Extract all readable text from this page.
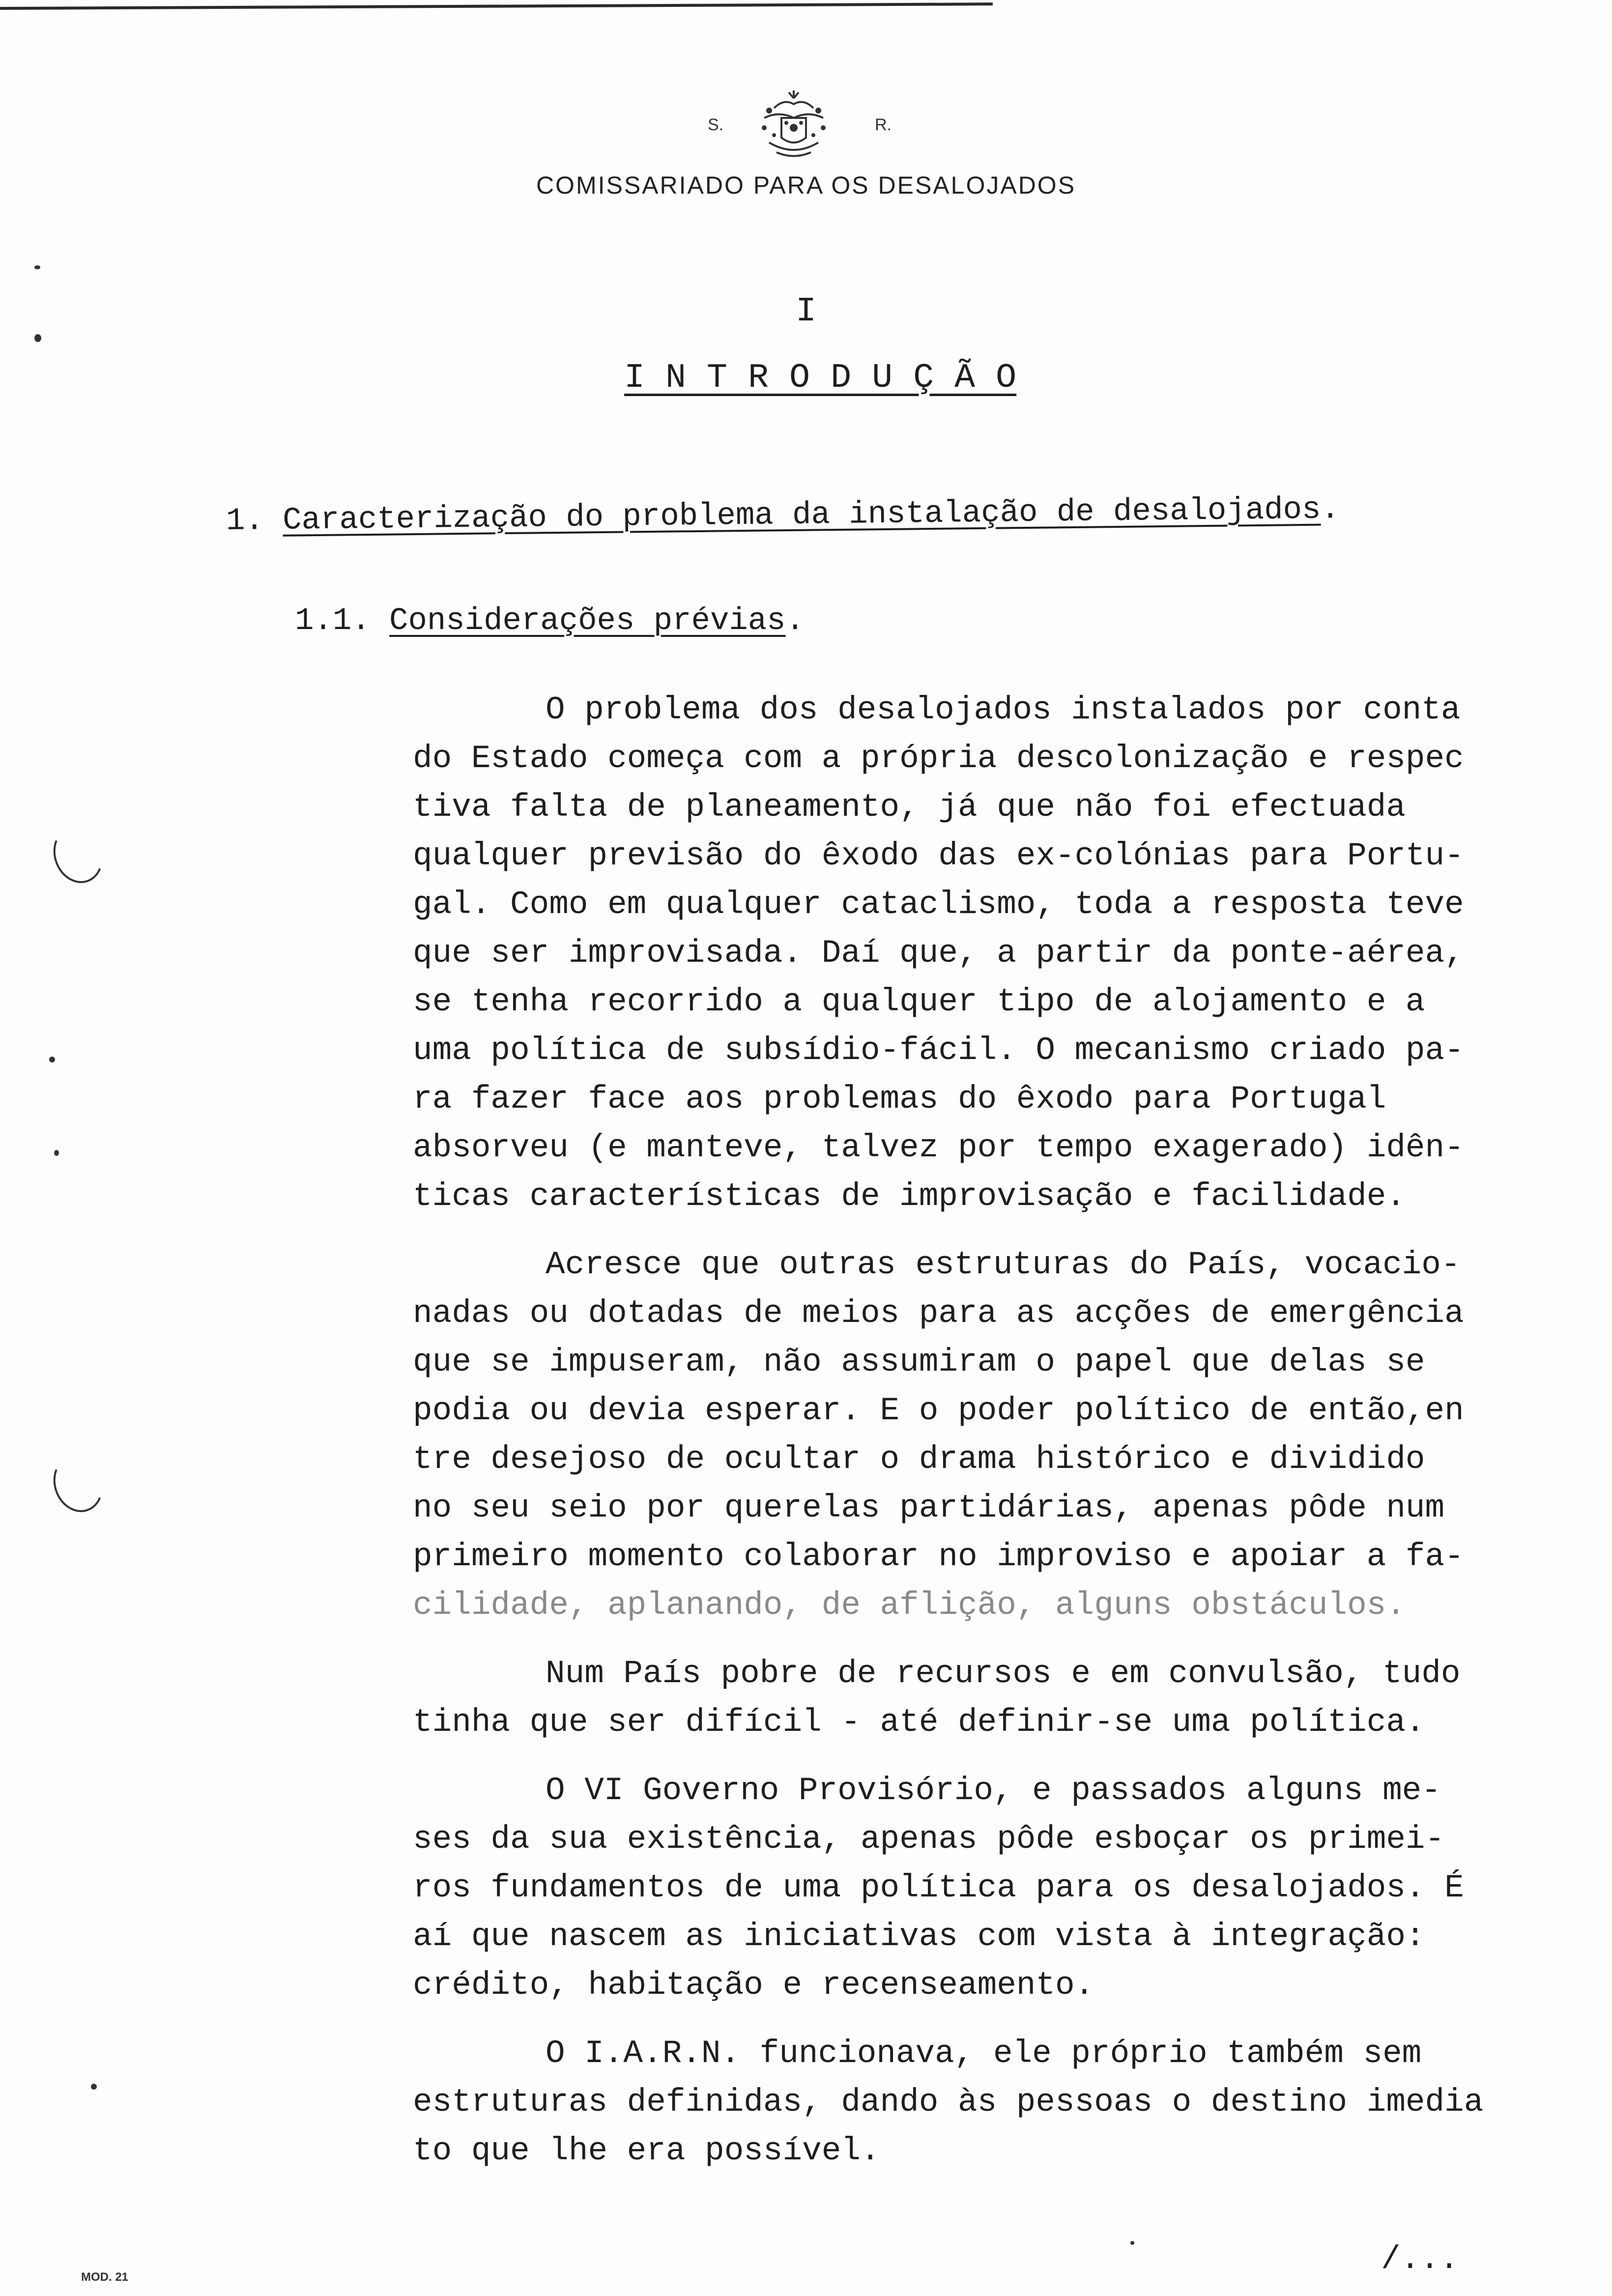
S.	R.
COMISSARIADO PARA OS DESALOJADOS
I
I N T R O D U Ç Ã O
1. Caracterização do problema da instalação de desalojados.
1.1. Considerações prévias.
O problema dos desalojados instalados por conta
do Estado começa com a própria descolonização e respec
tiva falta de planeamento, já que não foi efectuada
qualquer previsão do êxodo das ex-colónias para Portu-
gal. Como em qualquer cataclismo, toda a resposta teve
que ser improvisada. Daí que, a partir da ponte-aérea,
se tenha recorrido a qualquer tipo de alojamento e a
uma política de subsídio-fácil. O mecanismo criado pa-
ra fazer face aos problemas do êxodo para Portugal
absorveu (e manteve, talvez por tempo exagerado) idên-
ticas características de improvisação e facilidade.
Acresce que outras estruturas do País, vocacio-
nadas ou dotadas de meios para as acções de emergência
que se impuseram, não assumiram o papel que delas se
podia ou devia esperar. E o poder político de então,en
tre desejoso de ocultar o drama histórico e dividido
no seu seio por querelas partidárias, apenas pôde num
primeiro momento colaborar no improviso e apoiar a fa-
cilidade, aplanando, de aflição, alguns obstáculos.
Num País pobre de recursos e em convulsão, tudo
tinha que ser difícil - até definir-se uma política.
O VI Governo Provisório, e passados alguns me-
ses da sua existência, apenas pôde esboçar os primei-
ros fundamentos de uma política para os desalojados. É
aí que nascem as iniciativas com vista à integração:
crédito, habitação e recenseamento.
O I.A.R.N. funcionava, ele próprio também sem
estruturas definidas, dando às pessoas o destino imedia
to que lhe era possível.
/...
MOD. 21
